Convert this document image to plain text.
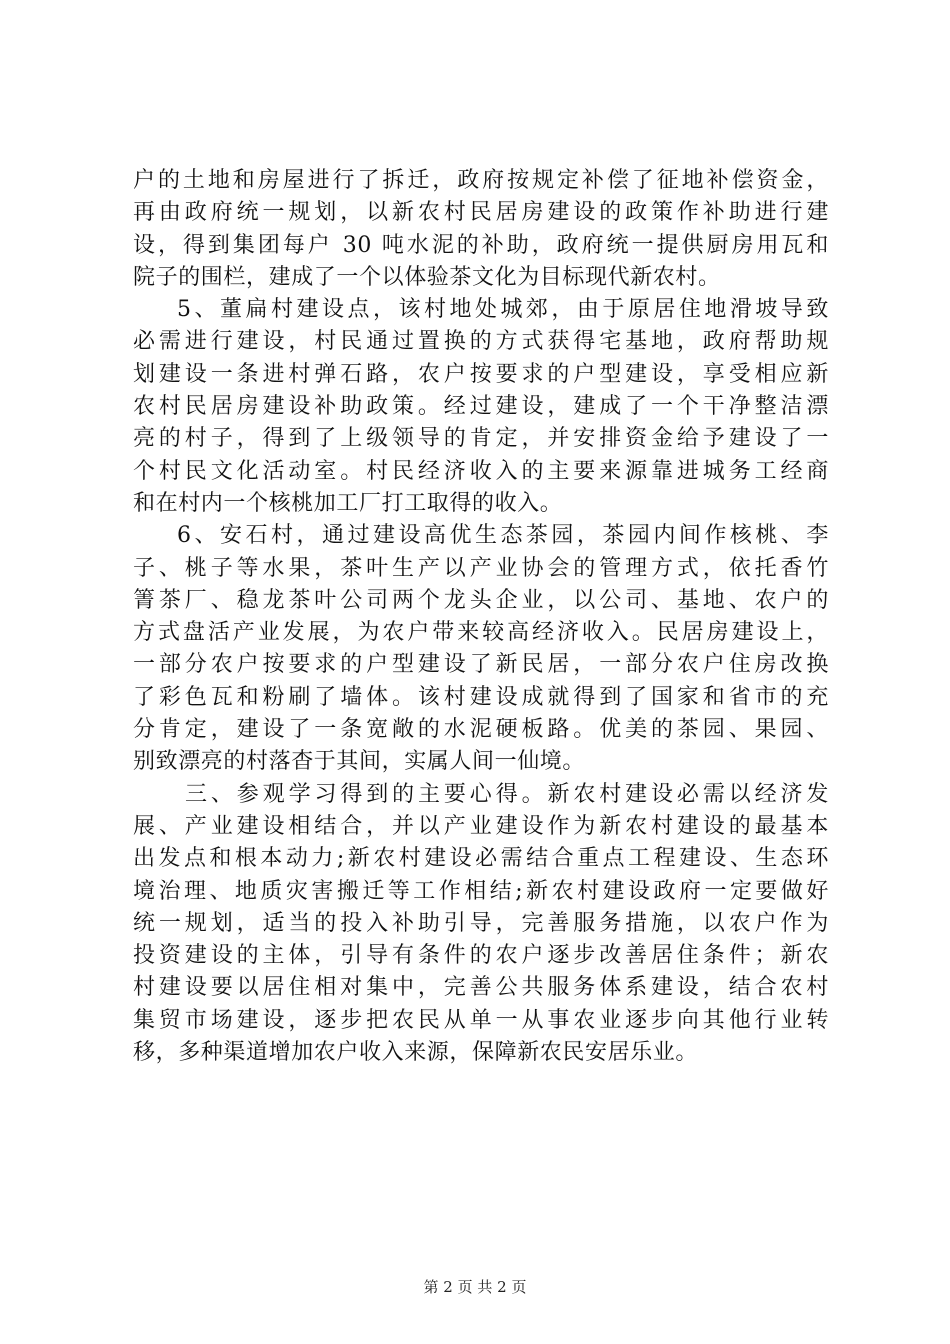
户的土地和房屋进行了拆迁，政府按规定补偿了征地补偿资金，
再由政府统一规划，以新农村民居房建设的政策作补助进行建
设，得到集团每户 30 吨水泥的补助，政府统一提供厨房用瓦和
院子的围栏，建成了一个以体验茶文化为目标现代新农村。
5、董扁村建设点，该村地处城郊，由于原居住地滑坡导致
必需进行建设，村民通过置换的方式获得宅基地，政府帮助规
划建设一条进村弹石路，农户按要求的户型建设，享受相应新
农村民居房建设补助政策。经过建设，建成了一个干净整洁漂
亮的村子，得到了上级领导的肯定，并安排资金给予建设了一
个村民文化活动室。村民经济收入的主要来源靠进城务工经商
和在村内一个核桃加工厂打工取得的收入。
6、安石村，通过建设高优生态茶园，茶园内间作核桃、李
子、桃子等水果，茶叶生产以产业协会的管理方式，依托香竹
箐茶厂、稳龙茶叶公司两个龙头企业，以公司、基地、农户的
方式盘活产业发展，为农户带来较高经济收入。民居房建设上，
一部分农户按要求的户型建设了新民居，一部分农户住房改换
了彩色瓦和粉刷了墙体。该村建设成就得到了国家和省市的充
分肯定，建设了一条宽敞的水泥硬板路。优美的茶园、果园、
别致漂亮的村落杳于其间，实属人间一仙境。
三、参观学习得到的主要心得。新农村建设必需以经济发
展、产业建设相结合，并以产业建设作为新农村建设的最基本
出发点和根本动力;新农村建设必需结合重点工程建设、生态环
境治理、地质灾害搬迁等工作相结;新农村建设政府一定要做好
统一规划，适当的投入补助引导，完善服务措施，以农户作为
投资建设的主体，引导有条件的农户逐步改善居住条件；新农
村建设要以居住相对集中，完善公共服务体系建设，结合农村
集贸市场建设，逐步把农民从单一从事农业逐步向其他行业转
移，多种渠道增加农户收入来源，保障新农民安居乐业。
第 2 页 共 2 页
